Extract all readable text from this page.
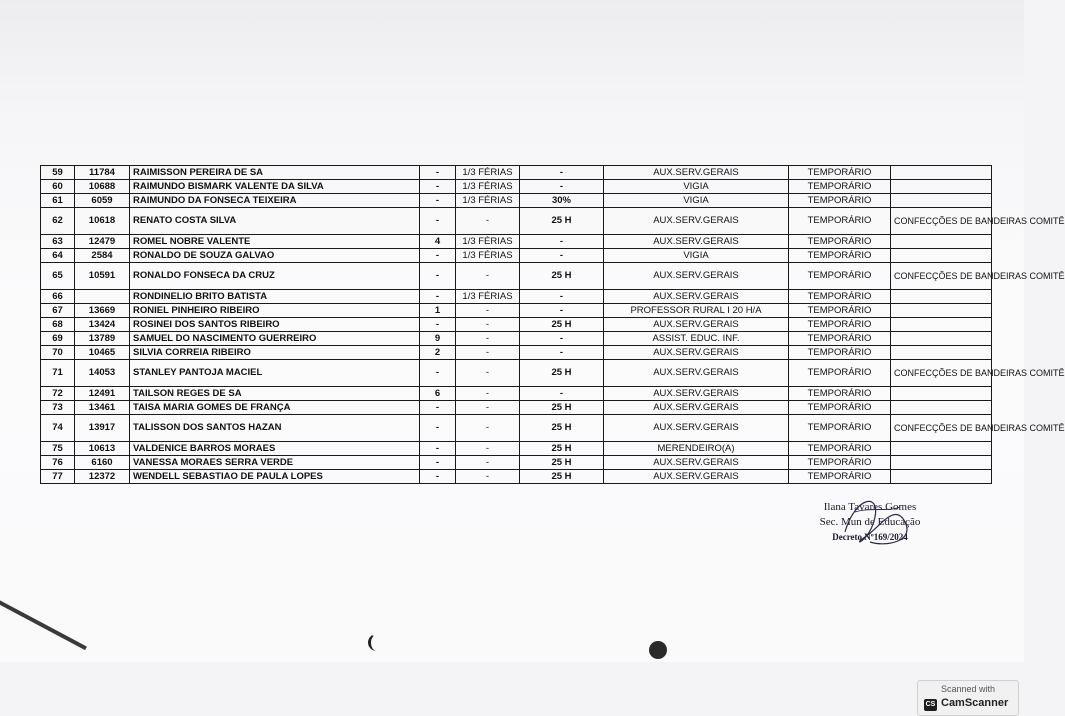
59	11784	RAIMISSON PEREIRA DE SA	-	1/3 FÉRIAS	-	AUX.SERV.GERAIS	TEMPORÁRIO	
60	10688	RAIMUNDO BISMARK VALENTE DA SILVA	-	1/3 FÉRIAS	-	VIGIA	TEMPORÁRIO	
61	6059	RAIMUNDO DA FONSECA TEIXEIRA	-	1/3 FÉRIAS	30%	VIGIA	TEMPORÁRIO	
62	10618	RENATO COSTA SILVA	-	-	25 H	AUX.SERV.GERAIS	TEMPORÁRIO	CONFECÇÕES DE BANDEIRAS COMITÊ
63	12479	ROMEL NOBRE VALENTE	4	1/3 FÉRIAS	-	AUX.SERV.GERAIS	TEMPORÁRIO	
64	2584	RONALDO DE SOUZA GALVAO	-	1/3 FÉRIAS	-	VIGIA	TEMPORÁRIO	
65	10591	RONALDO FONSECA DA CRUZ	-	-	25 H	AUX.SERV.GERAIS	TEMPORÁRIO	CONFECÇÕES DE BANDEIRAS COMITÊ
66		RONDINELIO BRITO BATISTA	-	1/3 FÉRIAS	-	AUX.SERV.GERAIS	TEMPORÁRIO	
67	13669	RONIEL PINHEIRO RIBEIRO	1	-	-	PROFESSOR RURAL I 20 H/A	TEMPORÁRIO	
68	13424	ROSINEI DOS SANTOS RIBEIRO	-	-	25 H	AUX.SERV.GERAIS	TEMPORÁRIO	
69	13789	SAMUEL DO NASCIMENTO GUERREIRO	9	-	-	ASSIST. EDUC. INF.	TEMPORÁRIO	
70	10465	SILVIA CORREIA RIBEIRO	2	-	-	AUX.SERV.GERAIS	TEMPORÁRIO	
71	14053	STANLEY PANTOJA MACIEL	-	-	25 H	AUX.SERV.GERAIS	TEMPORÁRIO	CONFECÇÕES DE BANDEIRAS COMITÊ
72	12491	TAILSON REGES DE SA	6	-	-	AUX.SERV.GERAIS	TEMPORÁRIO	
73	13461	TAISA MARIA GOMES DE FRANÇA	-	-	25 H	AUX.SERV.GERAIS	TEMPORÁRIO	
74	13917	TALISSON DOS SANTOS HAZAN	-	-	25 H	AUX.SERV.GERAIS	TEMPORÁRIO	CONFECÇÕES DE BANDEIRAS COMITÊ
75	10613	VALDENICE BARROS MORAES	-	-	25 H	MERENDEIRO(A)	TEMPORÁRIO	
76	6160	VANESSA MORAES SERRA VERDE	-	-	25 H	AUX.SERV.GERAIS	TEMPORÁRIO	
77	12372	WENDELL SEBASTIAO DE PAULA LOPES	-	-	25 H	AUX.SERV.GERAIS	TEMPORÁRIO	
Ilana Tavares Gomes
Sec. Mun de Educação
Decreto Nº169/2024
Scanned with
CS CamScanner
